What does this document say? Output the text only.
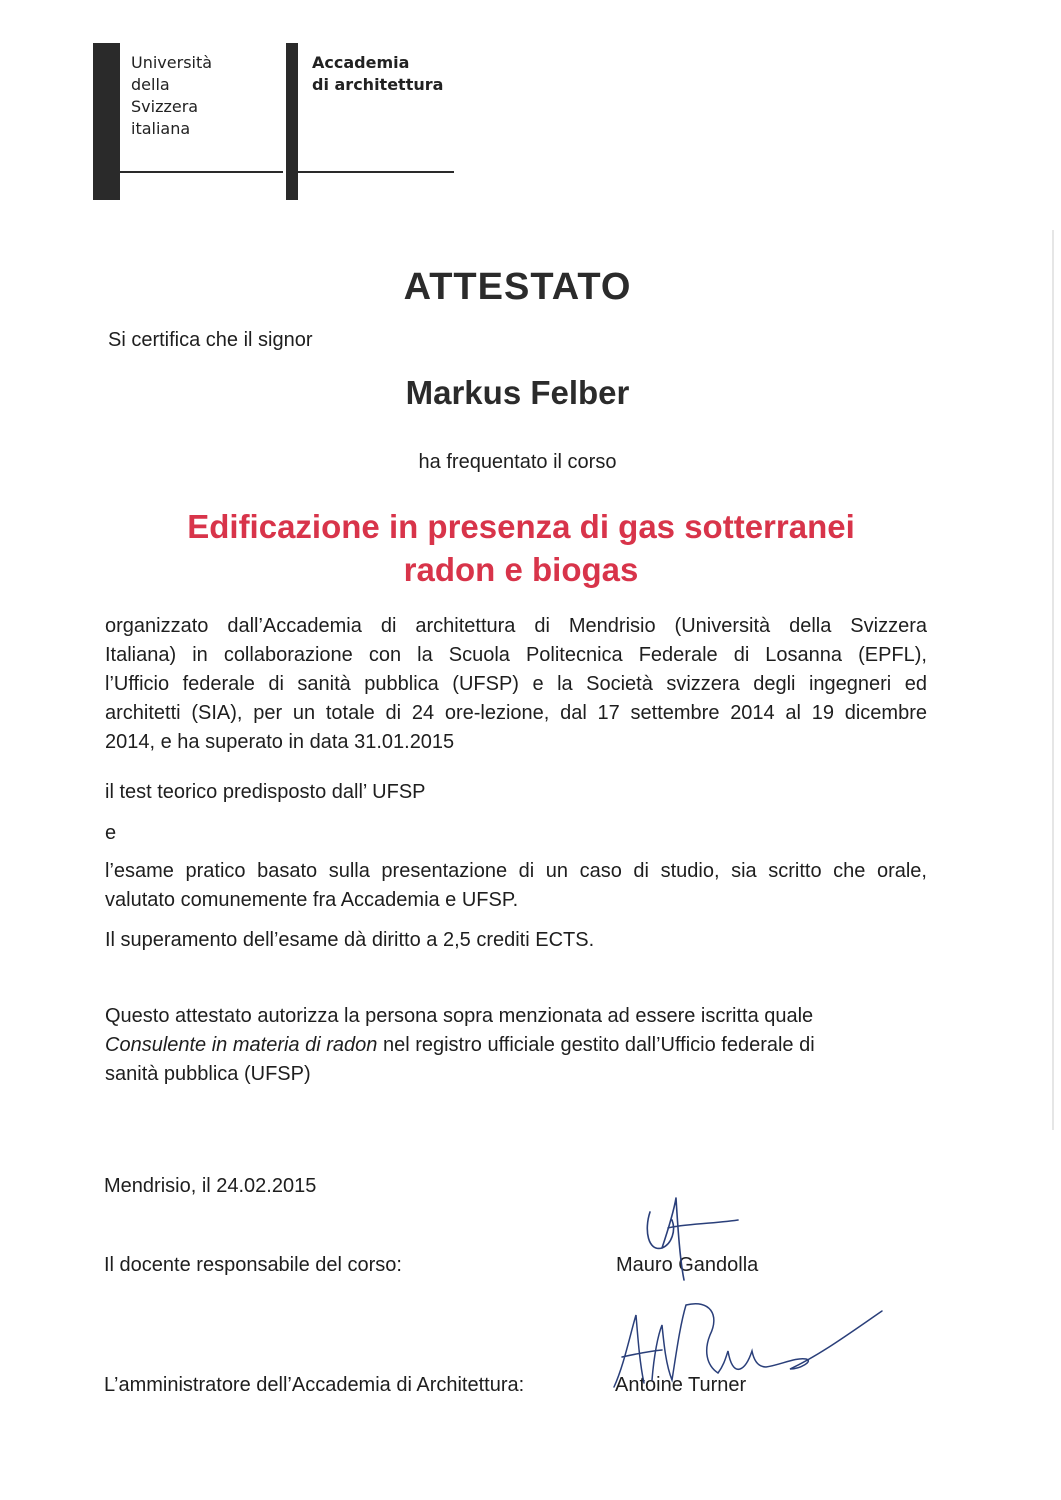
Università
della
Svizzera
italiana
Accademia
di architettura
ATTESTATO
Si certifica che il signor
Markus Felber
ha frequentato il corso
Edificazione in presenza di gas sotterranei
radon e biogas
organizzato dall’Accademia di architettura di Mendrisio (Università della Svizzera
Italiana) in collaborazione con la Scuola Politecnica Federale di Losanna (EPFL),
l’Ufficio federale di sanità pubblica (UFSP) e la Società svizzera degli ingegneri ed
architetti (SIA), per un totale di 24 ore-lezione, dal 17 settembre 2014 al 19 dicembre
2014, e ha superato in data 31.01.2015
il test teorico predisposto dall’ UFSP
e
l’esame pratico basato sulla presentazione di un caso di studio, sia scritto che orale,
valutato comunemente fra Accademia e UFSP.
Il superamento dell’esame dà diritto a 2,5 crediti ECTS.
Questo attestato autorizza la persona sopra menzionata ad essere iscritta quale
Consulente in materia di radon nel registro ufficiale gestito dall’Ufficio federale di
sanità pubblica (UFSP)
Mendrisio, il 24.02.2015
Il docente responsabile del corso:	Mauro Gandolla
L’amministratore dell’Accademia di Architettura:	Antoine Turner
